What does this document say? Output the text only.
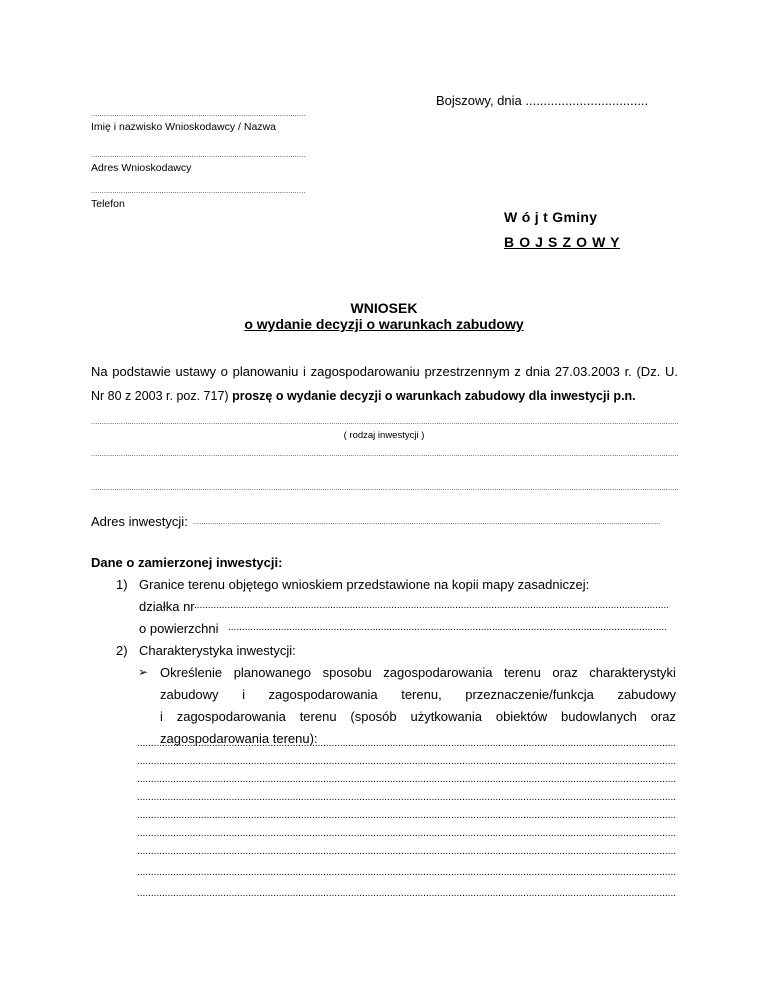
Bojszowy, dnia ..................................
.....
Imię i nazwisko Wnioskodawcy / Nazwa
.....
Adres Wnioskodawcy
.....
Telefon
W ó j t Gminy
B O J S Z O W Y
WNIOSEK
o wydanie decyzji o warunkach zabudowy
Na podstawie ustawy o planowaniu i zagospodarowaniu przestrzennym z dnia 27.03.2003 r. (Dz. U.
Nr 80 z 2003 r. poz. 717) proszę o wydanie decyzji o warunkach zabudowy dla inwestycji p.n.
.....
( rodzaj inwestycji )
.....
.....
Adres inwestycji:
.....
Dane o zamierzonej inwestycji:
1) Granice terenu objętego wnioskiem przedstawione na kopii mapy zasadniczej:
działka nr
.....
o powierzchni
.....
2) Charakterystyka inwestycji:
➢ Określenie planowanego sposobu zagospodarowania terenu oraz charakterystyki
zabudowy i zagospodarowania terenu, przeznaczenie/funkcja zabudowy
i zagospodarowania terenu (sposób użytkowania obiektów budowlanych oraz
zagospodarowania terenu):
.....
.....
.....
.....
.....
.....
.....
.....
.....
